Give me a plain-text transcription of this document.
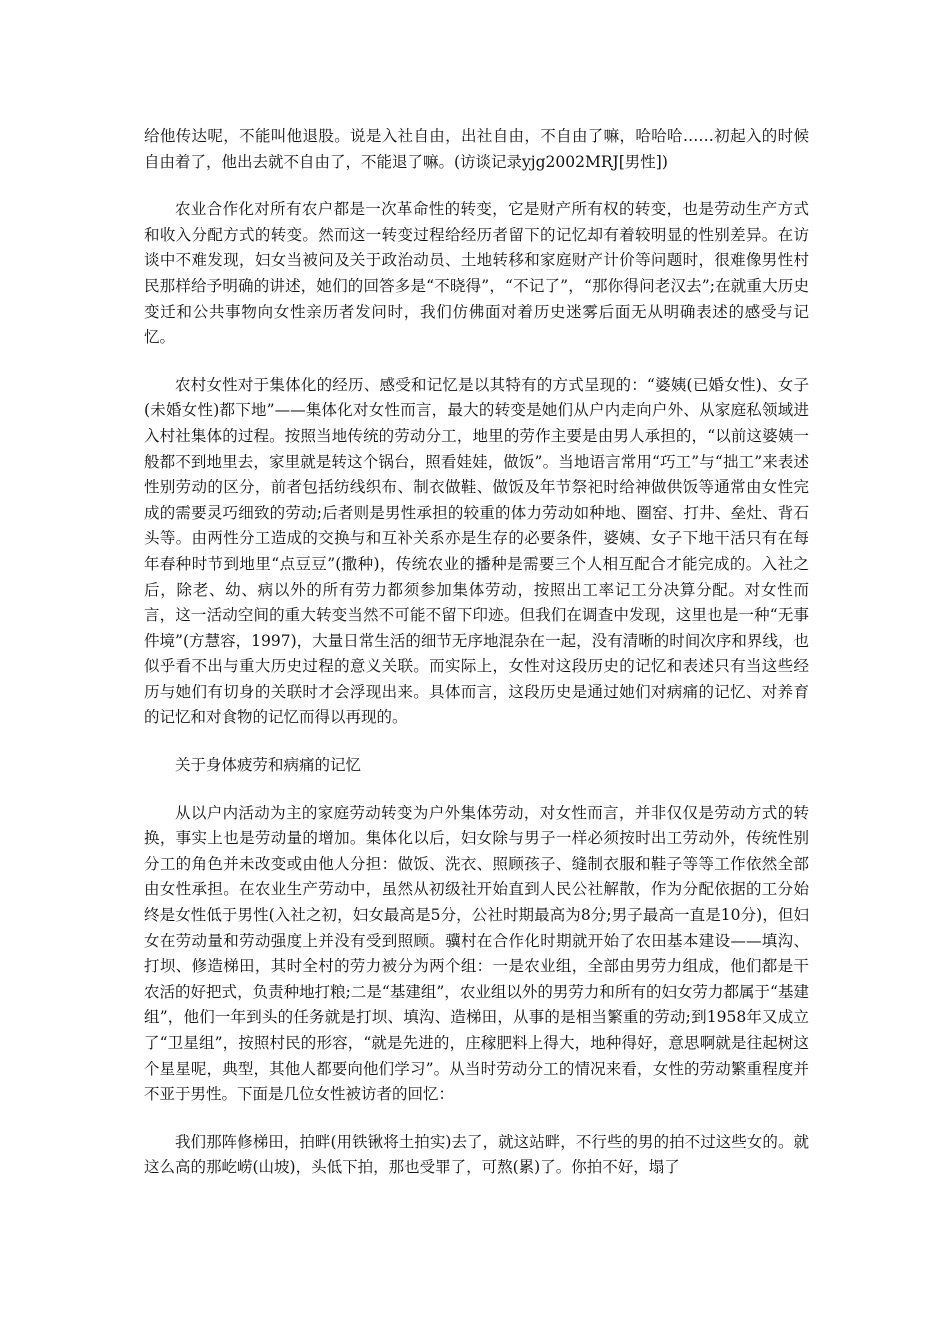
给他传达呢，不能叫他退股。说是入社自由，出社自由，不自由了嘛，哈哈哈……初起入的时候自由着了，他出去就不自由了，不能退了嘛。(访谈记录yjg2002MRJ[男性])

农业合作化对所有农户都是一次革命性的转变，它是财产所有权的转变，也是劳动生产方式和收入分配方式的转变。然而这一转变过程给经历者留下的记忆却有着较明显的性别差异。在访谈中不难发现，妇女当被问及关于政治动员、土地转移和家庭财产计价等问题时，很难像男性村民那样给予明确的讲述，她们的回答多是“不晓得”，“不记了”，“那你得问老汉去”;在就重大历史变迁和公共事物向女性亲历者发问时，我们仿佛面对着历史迷雾后面无从明确表述的感受与记忆。

农村女性对于集体化的经历、感受和记忆是以其特有的方式呈现的：“婆姨(已婚女性)、女子(未婚女性)都下地”——集体化对女性而言，最大的转变是她们从户内走向户外、从家庭私领域进入村社集体的过程。按照当地传统的劳动分工，地里的劳作主要是由男人承担的，“以前这婆姨一般都不到地里去，家里就是转这个锅台，照看娃娃，做饭”。当地语言常用“巧工”与“拙工”来表述性别劳动的区分，前者包括纺线织布、制衣做鞋、做饭及年节祭祀时给神做供饭等通常由女性完成的需要灵巧细致的劳动;后者则是男性承担的较重的体力劳动如种地、圈窑、打井、垒灶、背石头等。由两性分工造成的交换与和互补关系亦是生存的必要条件，婆姨、女子下地干活只有在每年春种时节到地里“点豆豆”(撒种)，传统农业的播种是需要三个人相互配合才能完成的。入社之后，除老、幼、病以外的所有劳力都须参加集体劳动，按照出工率记工分决算分配。对女性而言，这一活动空间的重大转变当然不可能不留下印迹。但我们在调查中发现，这里也是一种“无事件境”(方慧容，1997)，大量日常生活的细节无序地混杂在一起，没有清晰的时间次序和界线，也似乎看不出与重大历史过程的意义关联。而实际上，女性对这段历史的记忆和表述只有当这些经历与她们有切身的关联时才会浮现出来。具体而言，这段历史是通过她们对病痛的记忆、对养育的记忆和对食物的记忆而得以再现的。

关于身体疲劳和病痛的记忆

从以户内活动为主的家庭劳动转变为户外集体劳动，对女性而言，并非仅仅是劳动方式的转换，事实上也是劳动量的增加。集体化以后，妇女除与男子一样必须按时出工劳动外，传统性别分工的角色并未改变或由他人分担：做饭、洗衣、照顾孩子、缝制衣服和鞋子等等工作依然全部由女性承担。在农业生产劳动中，虽然从初级社开始直到人民公社解散，作为分配依据的工分始终是女性低于男性(入社之初，妇女最高是5分，公社时期最高为8分;男子最高一直是10分)，但妇女在劳动量和劳动强度上并没有受到照顾。骥村在合作化时期就开始了农田基本建设——填沟、打坝、修造梯田，其时全村的劳力被分为两个组：一是农业组，全部由男劳力组成，他们都是干农活的好把式，负责种地打粮;二是“基建组”，农业组以外的男劳力和所有的妇女劳力都属于“基建组”，他们一年到头的任务就是打坝、填沟、造梯田，从事的是相当繁重的劳动;到1958年又成立了“卫星组”，按照村民的形容，“就是先进的，庄稼肥料上得大，地种得好，意思啊就是往起树这个星星呢，典型，其他人都要向他们学习”。从当时劳动分工的情况来看，女性的劳动繁重程度并不亚于男性。下面是几位女性被访者的回忆：

我们那阵修梯田，拍畔(用铁锹将土拍实)去了，就这站畔，不行些的男的拍不过这些女的。就这么高的那屹崂(山坡)，头低下拍，那也受罪了，可熬(累)了。你拍不好，塌了
